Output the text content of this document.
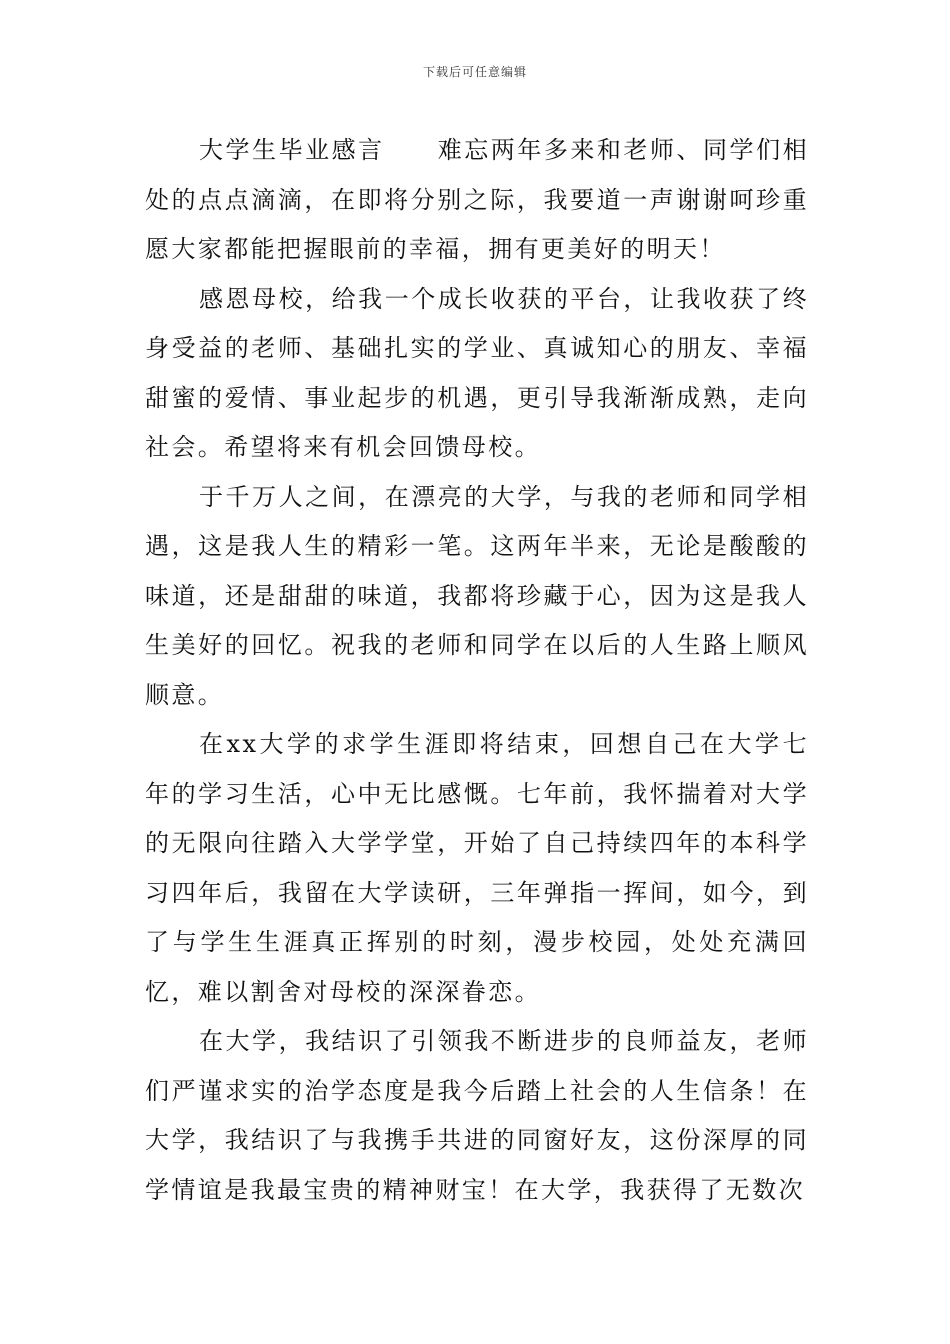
下载后可任意编辑

大学生毕业感言　　难忘两年多来和老师、同学们相处的点点滴滴，在即将分别之际，我要道一声谢谢呵珍重愿大家都能把握眼前的幸福，拥有更美好的明天！

感恩母校，给我一个成长收获的平台，让我收获了终身受益的老师、基础扎实的学业、真诚知心的朋友、幸福甜蜜的爱情、事业起步的机遇，更引导我渐渐成熟，走向社会。希望将来有机会回馈母校。

于千万人之间，在漂亮的大学，与我的老师和同学相遇，这是我人生的精彩一笔。这两年半来，无论是酸酸的味道，还是甜甜的味道，我都将珍藏于心，因为这是我人生美好的回忆。祝我的老师和同学在以后的人生路上顺风顺意。

在xx大学的求学生涯即将结束，回想自己在大学七年的学习生活，心中无比感慨。七年前，我怀揣着对大学的无限向往踏入大学学堂，开始了自己持续四年的本科学习四年后，我留在大学读研，三年弹指一挥间，如今，到了与学生生涯真正挥别的时刻，漫步校园，处处充满回忆，难以割舍对母校的深深眷恋。

在大学，我结识了引领我不断进步的良师益友，老师们严谨求实的治学态度是我今后踏上社会的人生信条！在大学，我结识了与我携手共进的同窗好友，这份深厚的同学情谊是我最宝贵的精神财宝！在大学，我获得了无数次
